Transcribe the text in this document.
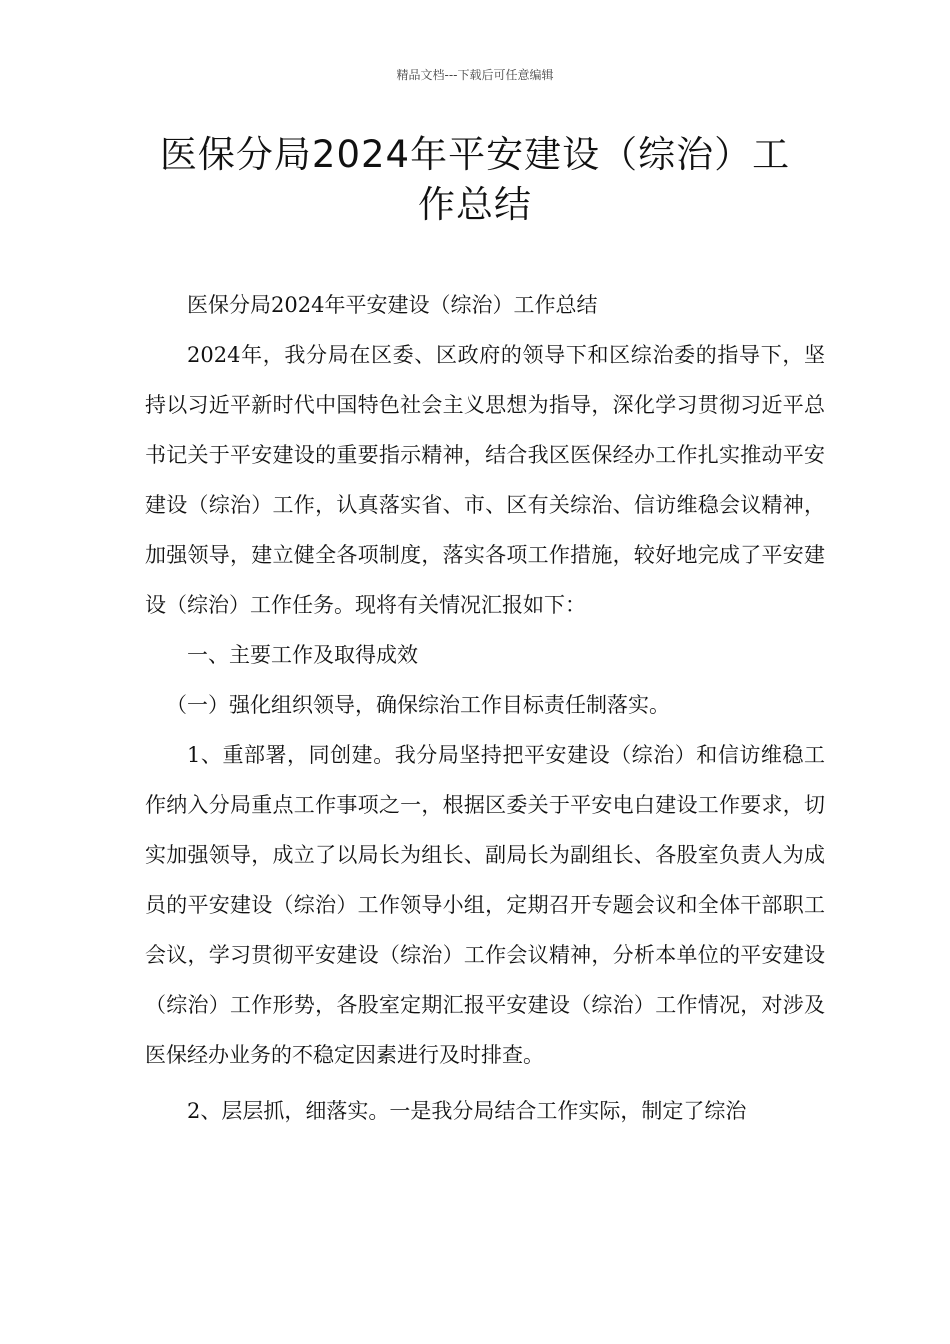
精品文档---下载后可任意编辑
医保分局2024年平安建设（综治）工
作总结

医保分局2024年平安建设（综治）工作总结

2024年，我分局在区委、区政府的领导下和区综治委的指导下，坚持以习近平新时代中国特色社会主义思想为指导，深化学习贯彻习近平总书记关于平安建设的重要指示精神，结合我区医保经办工作扎实推动平安建设（综治）工作，认真落实省、市、区有关综治、信访维稳会议精神，加强领导，建立健全各项制度，落实各项工作措施，较好地完成了平安建设（综治）工作任务。现将有关情况汇报如下：

一、主要工作及取得成效

（一）强化组织领导，确保综治工作目标责任制落实。

1、重部署，同创建。我分局坚持把平安建设（综治）和信访维稳工作纳入分局重点工作事项之一，根据区委关于平安电白建设工作要求，切实加强领导，成立了以局长为组长、副局长为副组长、各股室负责人为成员的平安建设（综治）工作领导小组，定期召开专题会议和全体干部职工会议，学习贯彻平安建设（综治）工作会议精神，分析本单位的平安建设（综治）工作形势，各股室定期汇报平安建设（综治）工作情况，对涉及医保经办业务的不稳定因素进行及时排查。

2、层层抓，细落实。一是我分局结合工作实际，制定了综治
